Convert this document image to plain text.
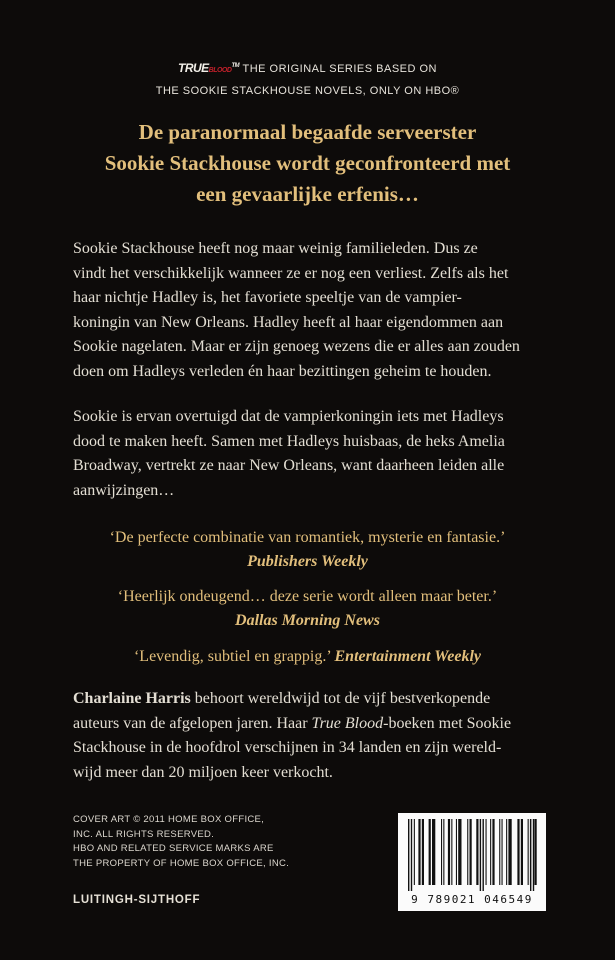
TRUEBLOOD™ THE ORIGINAL SERIES BASED ON
THE SOOKIE STACKHOUSE NOVELS, ONLY ON HBO®
De paranormaal begaafde serveerster
Sookie Stackhouse wordt geconfronteerd met
een gevaarlijke erfenis…
Sookie Stackhouse heeft nog maar weinig familieleden. Dus ze
vindt het verschikkelijk wanneer ze er nog een verliest. Zelfs als het
haar nichtje Hadley is, het favoriete speeltje van de vampier-
koningin van New Orleans. Hadley heeft al haar eigendommen aan
Sookie nagelaten. Maar er zijn genoeg wezens die er alles aan zouden
doen om Hadleys verleden én haar bezittingen geheim te houden.
Sookie is ervan overtuigd dat de vampierkoningin iets met Hadleys
dood te maken heeft. Samen met Hadleys huisbaas, de heks Amelia
Broadway, vertrekt ze naar New Orleans, want daarheen leiden alle
aanwijzingen…
‘De perfecte combinatie van romantiek, mysterie en fantasie.’
Publishers Weekly
‘Heerlijk ondeugend… deze serie wordt alleen maar beter.’
Dallas Morning News
‘Levendig, subtiel en grappig.’ Entertainment Weekly
Charlaine Harris behoort wereldwijd tot de vijf bestverkopende
auteurs van de afgelopen jaren. Haar True Blood-boeken met Sookie
Stackhouse in de hoofdrol verschijnen in 34 landen en zijn wereld-
wijd meer dan 20 miljoen keer verkocht.
COVER ART © 2011 HOME BOX OFFICE,
INC. ALL RIGHTS RESERVED.
HBO AND RELATED SERVICE MARKS ARE
THE PROPERTY OF HOME BOX OFFICE, INC.
LUITINGH-SIJTHOFF	9 789021 046549
